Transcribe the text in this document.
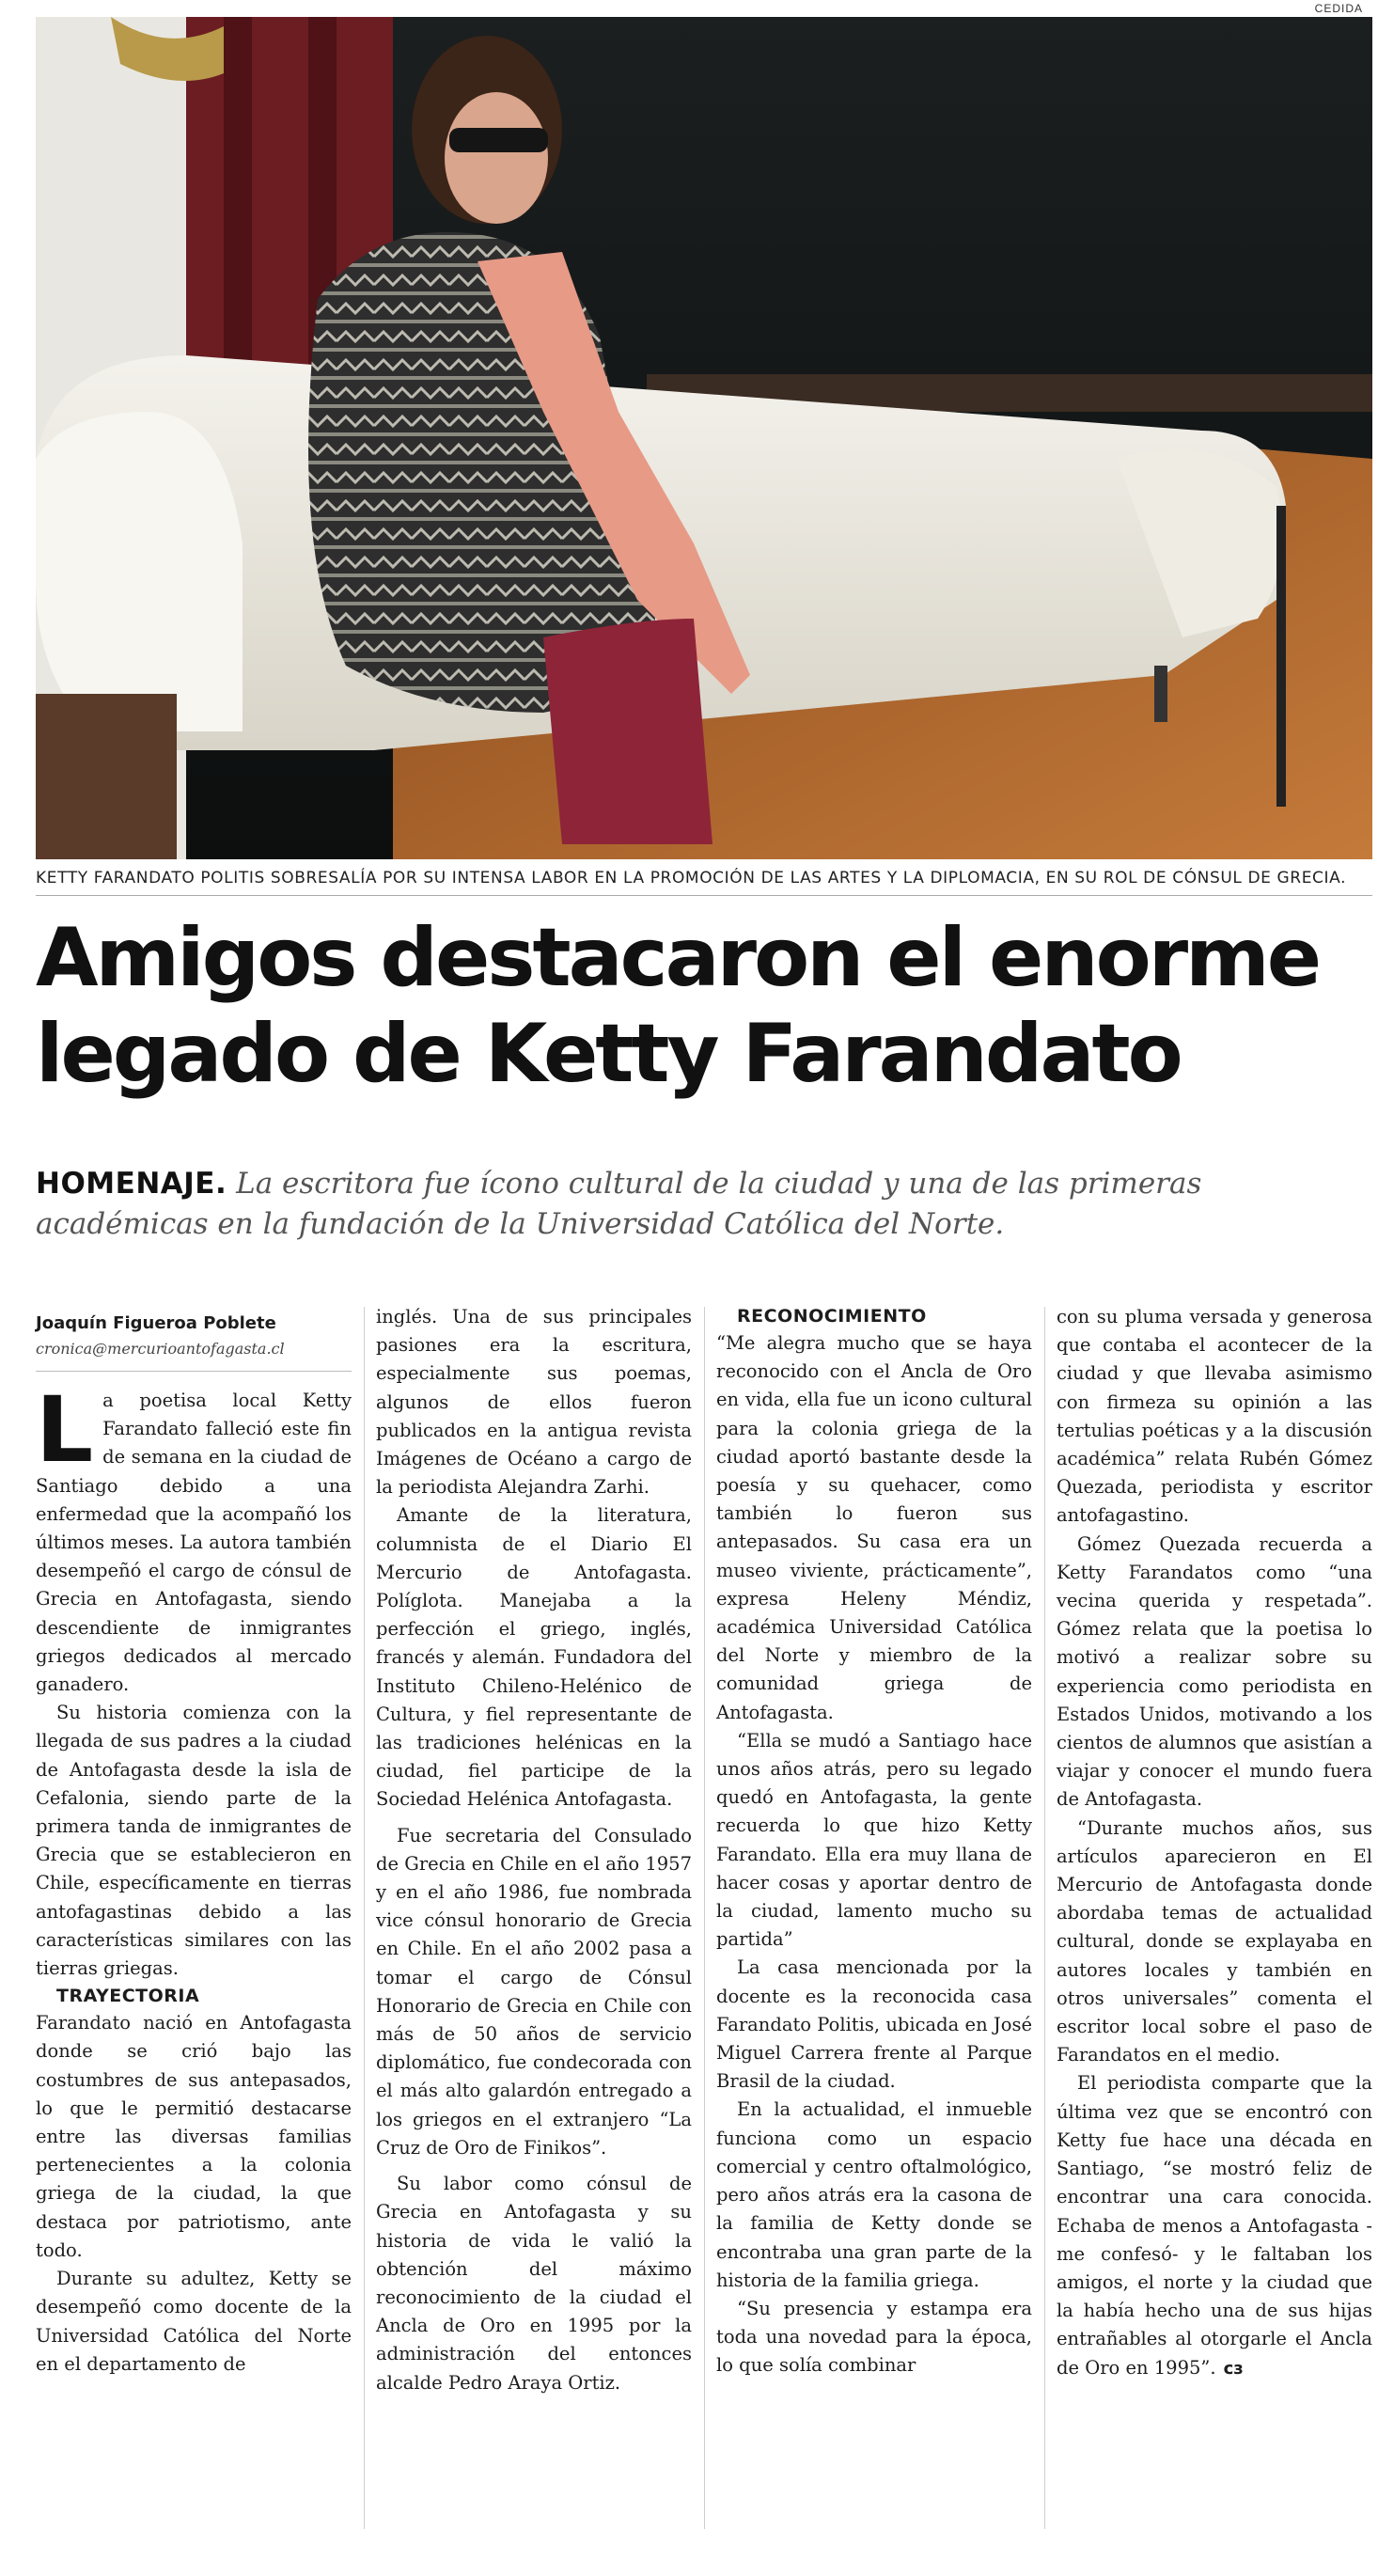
CEDIDA
KETTY FARANDATO POLITIS SOBRESALÍA POR SU INTENSA LABOR EN LA PROMOCIÓN DE LAS ARTES Y LA DIPLOMACIA, EN SU ROL DE CÓNSUL DE GRECIA.
Amigos destacaron el enorme
legado de Ketty Farandato
HOMENAJE. La escritora fue ícono cultural de la ciudad y una de las primeras académicas en la fundación de la Universidad Católica del Norte.
Joaquín Figueroa Poblete
cronica@mercurioantofagasta.cl

La poetisa local Ketty Farandato falleció este fin de semana en la ciudad de Santiago debido a una enfermedad que la acompañó los últimos meses. La autora también desempeñó el cargo de cónsul de Grecia en Antofagasta, siendo descendiente de inmigrantes griegos dedicados al mercado ganadero.

Su historia comienza con la llegada de sus padres a la ciudad de Antofagasta desde la isla de Cefalonia, siendo parte de la primera tanda de inmigrantes de Grecia que se establecieron en Chile, específicamente en tierras antofagastinas debido a las características similares con las tierras griegas.

TRAYECTORIA

Farandato nació en Antofagasta donde se crió bajo las costumbres de sus antepasados, lo que le permitió destacarse entre las diversas familias pertenecientes a la colonia griega de la ciudad, la que destaca por patriotismo, ante todo.

Durante su adultez, Ketty se desempeñó como docente de la Universidad Católica del Norte en el departamento de

inglés. Una de sus principales pasiones era la escritura, especialmente sus poemas, algunos de ellos fueron publicados en la antigua revista Imágenes de Océano a cargo de la periodista Alejandra Zarhi.

Amante de la literatura, columnista de el Diario El Mercurio de Antofagasta. Políglota. Manejaba a la perfección el griego, inglés, francés y alemán. Fundadora del Instituto Chileno-Helénico de Cultura, y fiel representante de las tradiciones helénicas en la ciudad, fiel participe de la Sociedad Helénica Antofagasta.

Fue secretaria del Consulado de Grecia en Chile en el año 1957 y en el año 1986, fue nombrada vice cónsul honorario de Grecia en Chile. En el año 2002 pasa a tomar el cargo de Cónsul Honorario de Grecia en Chile con más de 50 años de servicio diplomático, fue condecorada con el más alto galardón entregado a los griegos en el extranjero “La Cruz de Oro de Finikos”.

Su labor como cónsul de Grecia en Antofagasta y su historia de vida le valió la obtención del máximo reconocimiento de la ciudad el Ancla de Oro en 1995 por la administración del entonces alcalde Pedro Araya Ortiz.

RECONOCIMIENTO

“Me alegra mucho que se haya reconocido con el Ancla de Oro en vida, ella fue un icono cultural para la colonia griega de la ciudad aportó bastante desde la poesía y su quehacer, como también lo fueron sus antepasados. Su casa era un museo viviente, prácticamente”, expresa Heleny Méndiz, académica Universidad Católica del Norte y miembro de la comunidad griega de Antofagasta.

“Ella se mudó a Santiago hace unos años atrás, pero su legado quedó en Antofagasta, la gente recuerda lo que hizo Ketty Farandato. Ella era muy llana de hacer cosas y aportar dentro de la ciudad, lamento mucho su partida”

La casa mencionada por la docente es la reconocida casa Farandato Politis, ubicada en José Miguel Carrera frente al Parque Brasil de la ciudad.

En la actualidad, el inmueble funciona como un espacio comercial y centro oftalmológico, pero años atrás era la casona de la familia de Ketty donde se encontraba una gran parte de la historia de la familia griega.

“Su presencia y estampa era toda una novedad para la época, lo que solía combinar

con su pluma versada y generosa que contaba el acontecer de la ciudad y que llevaba asimismo con firmeza su opinión a las tertulias poéticas y a la discusión académica” relata Rubén Gómez Quezada, periodista y escritor antofagastino.

Gómez Quezada recuerda a Ketty Farandatos como “una vecina querida y respetada”. Gómez relata que la poetisa lo motivó a realizar sobre su experiencia como periodista en Estados Unidos, motivando a los cientos de alumnos que asistían a viajar y conocer el mundo fuera de Antofagasta.

“Durante muchos años, sus artículos aparecieron en El Mercurio de Antofagasta donde abordaba temas de actualidad cultural, donde se explayaba en autores locales y también en otros universales” comenta el escritor local sobre el paso de Farandatos en el medio.

El periodista comparte que la última vez que se encontró con Ketty fue hace una década en Santiago, “se mostró feliz de encontrar una cara conocida. Echaba de menos a Antofagasta -me confesó- y le faltaban los amigos, el norte y la ciudad que la había hecho una de sus hijas entrañables al otorgarle el Ancla de Oro en 1995”. cз
